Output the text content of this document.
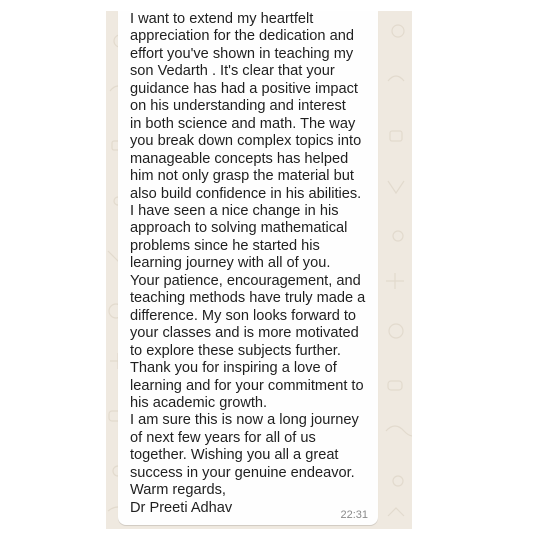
I want to extend my heartfelt
appreciation for the dedication and
effort you've shown in teaching my
son Vedarth . It's clear that your
guidance has had a positive impact
on his understanding and interest
in both science and math. The way
you break down complex topics into
manageable concepts has helped
him not only grasp the material but
also build confidence in his abilities.
I have seen a nice change in his
approach to solving mathematical
problems since he started his
learning journey with all of you.
Your patience, encouragement, and
teaching methods have truly made a
difference. My son looks forward to
your classes and is more motivated
to explore these subjects further.
Thank you for inspiring a love of
learning and for your commitment to
his academic growth.
I am sure this is now a long journey
of next few years for all of us
together. Wishing you all a great
success in your genuine endeavor.
Warm regards,
Dr Preeti Adhav	22:31
